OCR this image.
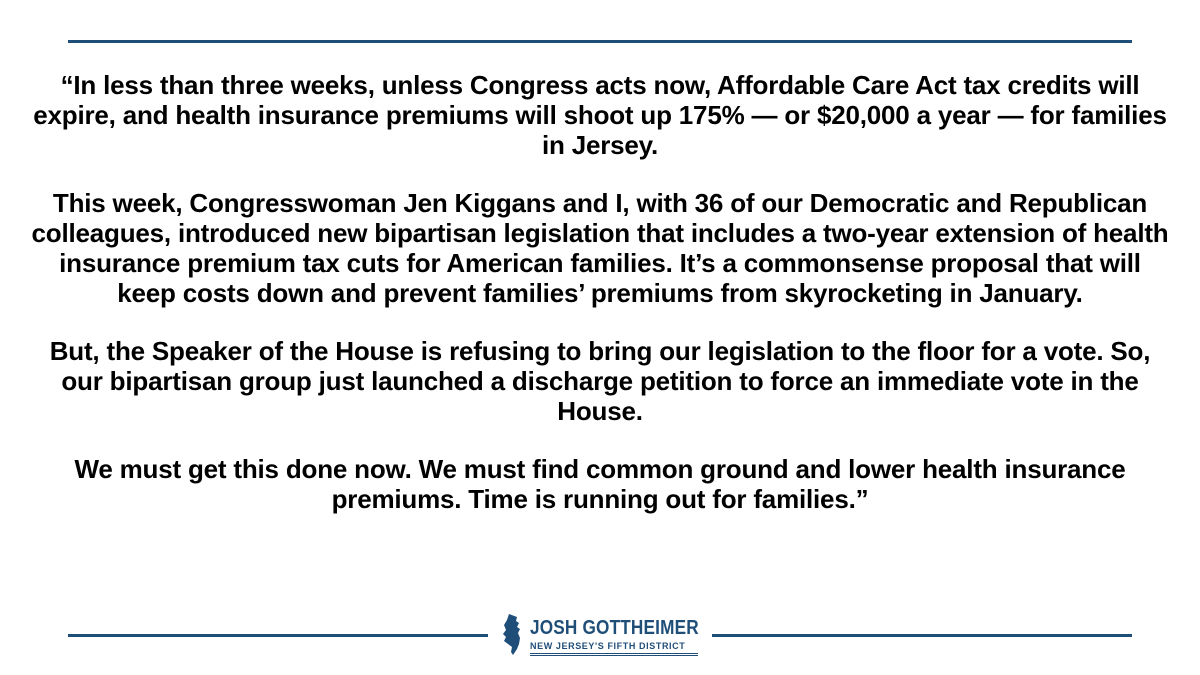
“In less than three weeks, unless Congress acts now, Affordable Care Act tax credits will expire, and health insurance premiums will shoot up 175% — or $20,000 a year — for families in Jersey.

This week, Congresswoman Jen Kiggans and I, with 36 of our Democratic and Republican colleagues, introduced new bipartisan legislation that includes a two-year extension of health insurance premium tax cuts for American families. It’s a commonsense proposal that will keep costs down and prevent families’ premiums from skyrocketing in January.

But, the Speaker of the House is refusing to bring our legislation to the floor for a vote. So, our bipartisan group just launched a discharge petition to force an immediate vote in the House.

We must get this done now. We must find common ground and lower health insurance premiums. Time is running out for families.”

JOSH GOTTHEIMER
NEW JERSEY'S FIFTH DISTRICT
